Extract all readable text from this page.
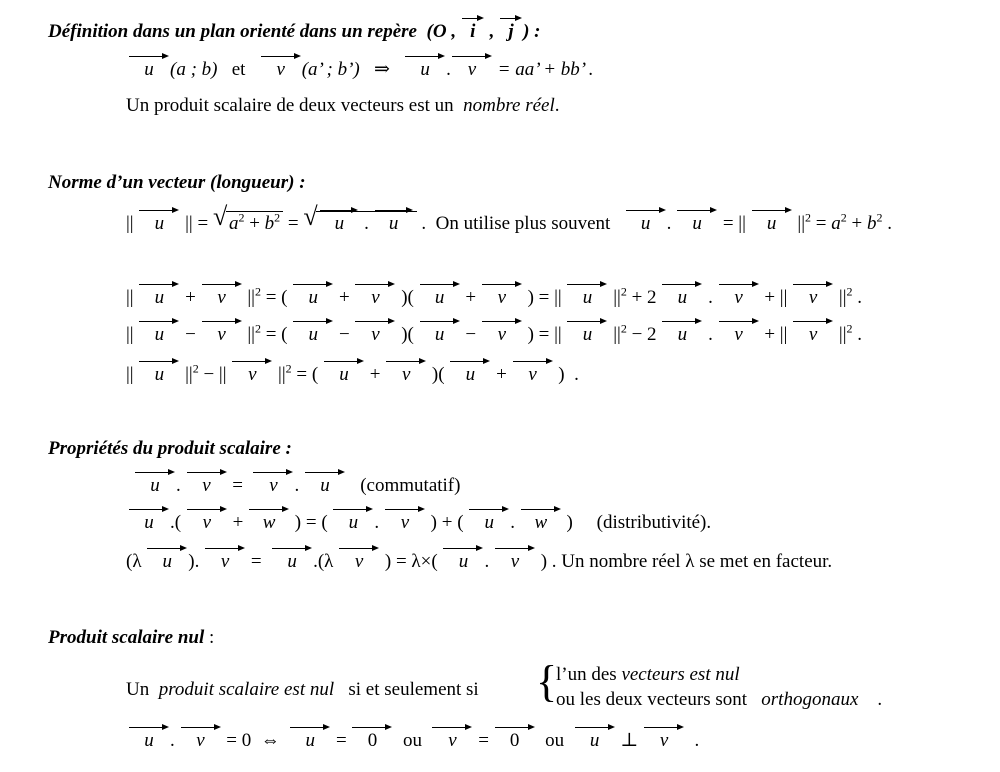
Définition dans un plan orienté dans un repère (O , i , j ) :
u (a ; b) et v (a’ ; b’) ⇒ u . v = aa’ + bb’ .
Un produit scalaire de deux vecteurs est un nombre réel.
Norme d’un vecteur (longueur) :
|| u || = √ $a^2 + b^2$ = √ u . u .  On utilise plus souvent u . u = || u $||^2 = a^2 + b^2$ .
|| u + v $||^2$ = ( u + v )( u + v ) = || u $||^2 + 2$ u . v + || v $||^2$ .
|| u − v $||^2$ = ( u − v )( u − v ) = || u $||^2 - 2$ u . v + || v $||^2$ .
|| u $||^2$ − || v $||^2$ = ( u + v )( u + v )  .
Propriétés du produit scalaire :
u . v =  v . u (commutatif)
u .( v + w ) = ( u . v ) + ( u . w )     (distributivité).
(λ u ). v =  u .(λ v ) = λ×( u . v ) . Un nombre réel λ se met en facteur.
Produit scalaire nul :
Un produit scalaire est nul si et seulement si {
l’un des vecteurs est nul
ou les deux vecteurs sont orthogonaux .
u . v = 0  ⇔  u = 0 ou v = 0 ou u ⊥ v  .
